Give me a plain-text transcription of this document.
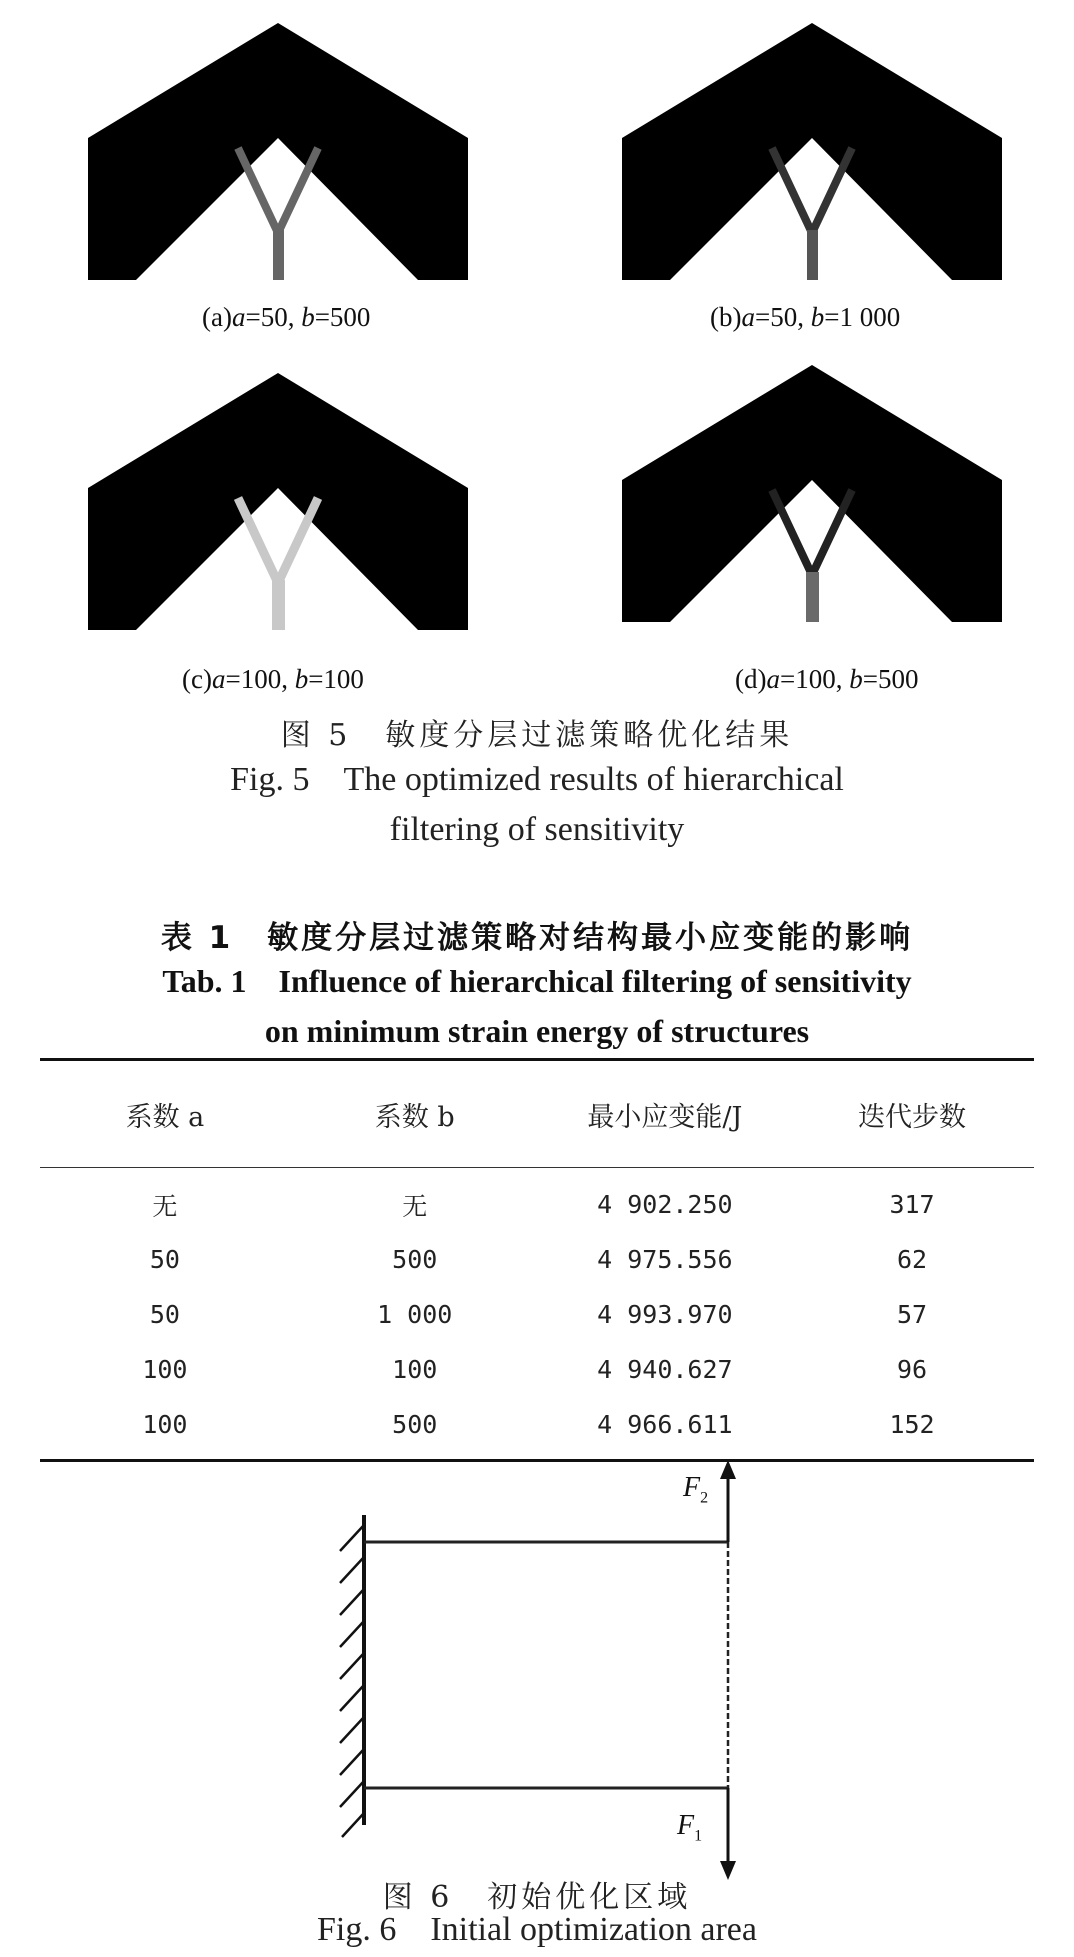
(a)a=50, b=500	(b)a=50, b=1 000
(c)a=100, b=100	(d)a=100, b=500
图 5　敏度分层过滤策略优化结果
Fig. 5　The optimized results of hierarchical
filtering of sensitivity
表 1　敏度分层过滤策略对结构最小应变能的影响
Tab. 1　Influence of hierarchical filtering of sensitivity
on minimum strain energy of structures
系数 a	系数 b	最小应变能/J	迭代步数
无	无	4 902.250	317
50	500	4 975.556	62
50	1 000	4 993.970	57
100	100	4 940.627	96
100	500	4 966.611	152
$F_2$
$F_1$
图 6　初始优化区域
Fig. 6　Initial optimization area
